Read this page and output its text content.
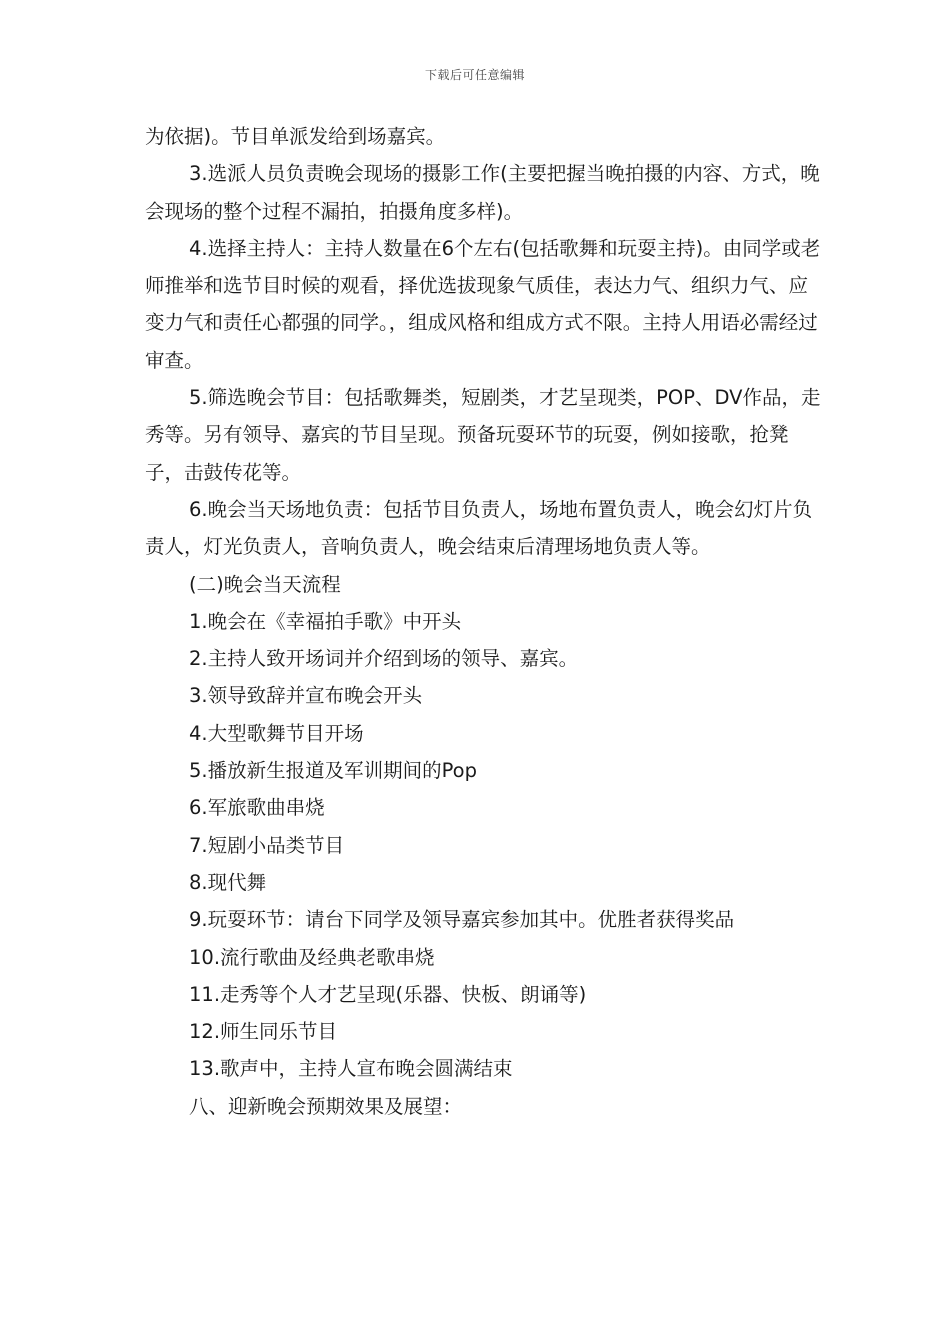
下载后可任意编辑

为依据)。节目单派发给到场嘉宾。

3.选派人员负责晚会现场的摄影工作(主要把握当晚拍摄的内容、方式，晚会现场的整个过程不漏拍，拍摄角度多样)。

4.选择主持人：主持人数量在6个左右(包括歌舞和玩耍主持)。由同学或老师推举和选节目时候的观看，择优选拔现象气质佳，表达力气、组织力气、应变力气和责任心都强的同学。，组成风格和组成方式不限。主持人用语必需经过审查。

5.筛选晚会节目：包括歌舞类，短剧类，才艺呈现类，POP、DV作品，走秀等。另有领导、嘉宾的节目呈现。预备玩耍环节的玩耍，例如接歌，抢凳子，击鼓传花等。

6.晚会当天场地负责：包括节目负责人，场地布置负责人，晚会幻灯片负责人，灯光负责人，音响负责人，晚会结束后清理场地负责人等。

(二)晚会当天流程

1.晚会在《幸福拍手歌》中开头

2.主持人致开场词并介绍到场的领导、嘉宾。

3.领导致辞并宣布晚会开头

4.大型歌舞节目开场

5.播放新生报道及军训期间的Pop

6.军旅歌曲串烧

7.短剧小品类节目

8.现代舞

9.玩耍环节：请台下同学及领导嘉宾参加其中。优胜者获得奖品

10.流行歌曲及经典老歌串烧

11.走秀等个人才艺呈现(乐器、快板、朗诵等)

12.师生同乐节目

13.歌声中，主持人宣布晚会圆满结束

八、迎新晚会预期效果及展望：
